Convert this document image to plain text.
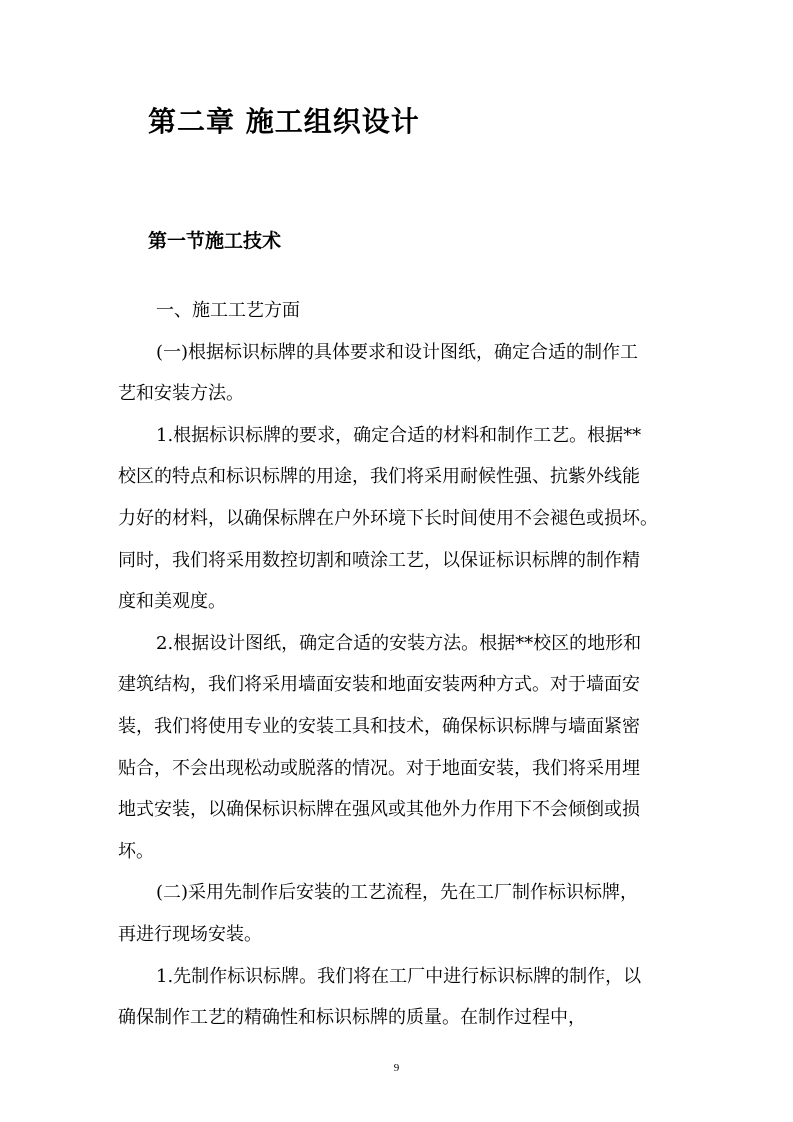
第二章 施工组织设计
第一节施工技术
一、施工工艺方面
(一)根据标识标牌的具体要求和设计图纸，确定合适的制作工
艺和安装方法。
1.根据标识标牌的要求，确定合适的材料和制作工艺。根据**
校区的特点和标识标牌的用途，我们将采用耐候性强、抗紫外线能
力好的材料，以确保标牌在户外环境下长时间使用不会褪色或损坏。
同时，我们将采用数控切割和喷涂工艺，以保证标识标牌的制作精
度和美观度。
2.根据设计图纸，确定合适的安装方法。根据**校区的地形和
建筑结构，我们将采用墙面安装和地面安装两种方式。对于墙面安
装，我们将使用专业的安装工具和技术，确保标识标牌与墙面紧密
贴合，不会出现松动或脱落的情况。对于地面安装，我们将采用埋
地式安装，以确保标识标牌在强风或其他外力作用下不会倾倒或损
坏。
(二)采用先制作后安装的工艺流程，先在工厂制作标识标牌，
再进行现场安装。
1.先制作标识标牌。我们将在工厂中进行标识标牌的制作，以
确保制作工艺的精确性和标识标牌的质量。在制作过程中，
9
